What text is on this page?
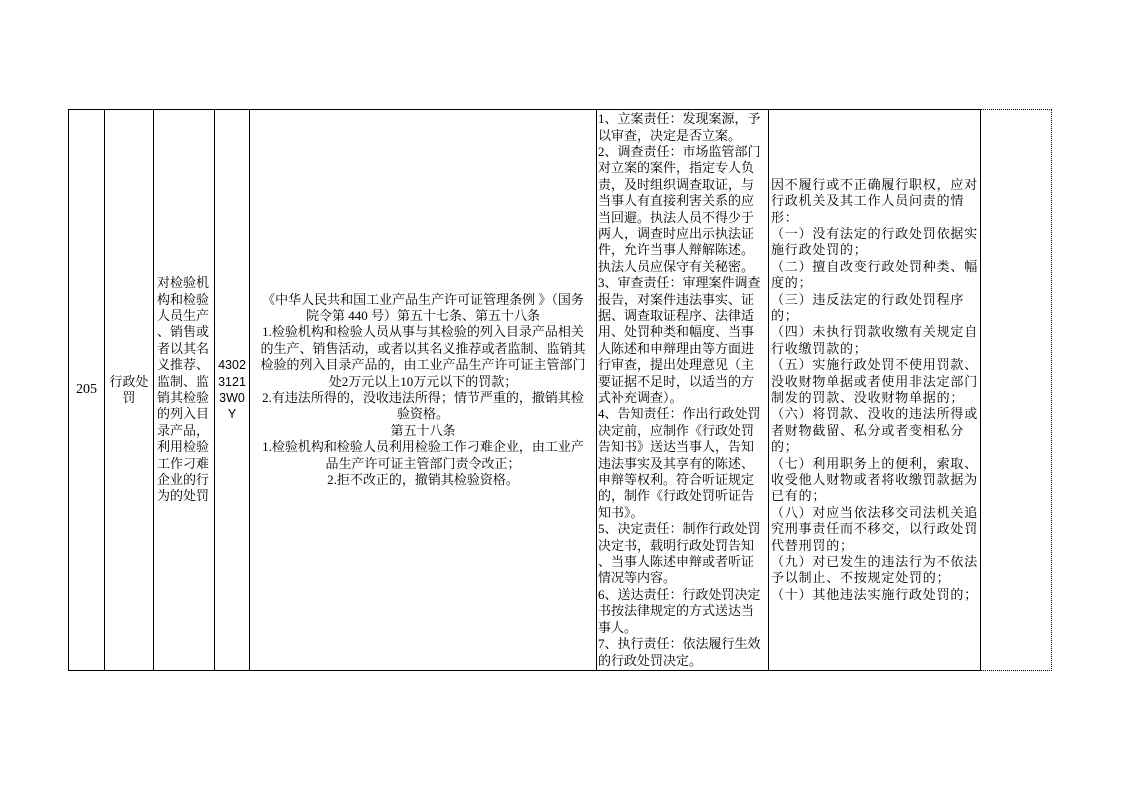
205
行政处
罚
对检验机
构和检验
人员生产
、销售或
者以其名
义推荐、
监制、监
销其检验
的列入目
录产品，
利用检验
工作刁难
企业的行
为的处罚
4302
3121
3W0
Y
《中华人民共和国工业产品生产许可证管理条例 》（国务
院令第 440 号）第五十七条、第五十八条
1.检验机构和检验人员从事与其检验的列入目录产品相关
的生产、销售活动，或者以其名义推荐或者监制、监销其
检验的列入目录产品的，由工业产品生产许可证主管部门
处2万元以上10万元以下的罚款；
2.有违法所得的，没收违法所得；情节严重的，撤销其检
验资格。
第五十八条
1.检验机构和检验人员利用检验工作刁难企业，由工业产
品生产许可证主管部门责令改正；
2.拒不改正的，撤销其检验资格。
1、立案责任：发现案源，予
以审查，决定是否立案。
2、调查责任：市场监管部门
对立案的案件，指定专人负
责，及时组织调查取证，与
当事人有直接利害关系的应
当回避。执法人员不得少于
两人，调查时应出示执法证
件，允许当事人辩解陈述。
执法人员应保守有关秘密。
3、审查责任：审理案件调查
报告，对案件违法事实、证
据、调查取证程序、法律适
用、处罚种类和幅度、当事
人陈述和申辩理由等方面进
行审查，提出处理意见（主
要证据不足时，以适当的方
式补充调查）。
4、告知责任：作出行政处罚
决定前，应制作《行政处罚
告知书》送达当事人，告知
违法事实及其享有的陈述、
申辩等权利。符合听证规定
的，制作《行政处罚听证告
知书》。
5、决定责任：制作行政处罚
决定书，载明行政处罚告知
、当事人陈述申辩或者听证
情况等内容。
6、送达责任：行政处罚决定
书按法律规定的方式送达当
事人。
7、执行责任：依法履行生效
的行政处罚决定。
因不履行或不正确履行职权，应对
行政机关及其工作人员问责的情
形：
（一）没有法定的行政处罚依据实
施行政处罚的；
（二）擅自改变行政处罚种类、幅
度的；
（三）违反法定的行政处罚程序
的；
（四）未执行罚款收缴有关规定自
行收缴罚款的；
（五）实施行政处罚不使用罚款、
没收财物单据或者使用非法定部门
制发的罚款、没收财物单据的；
（六）将罚款、没收的违法所得或
者财物截留、私分或者变相私分
的；
（七）利用职务上的便利，索取、
收受他人财物或者将收缴罚款据为
已有的；
（八）对应当依法移交司法机关追
究刑事责任而不移交，以行政处罚
代替刑罚的；
（九）对已发生的违法行为不依法
予以制止、不按规定处罚的；
（十）其他违法实施行政处罚的；
